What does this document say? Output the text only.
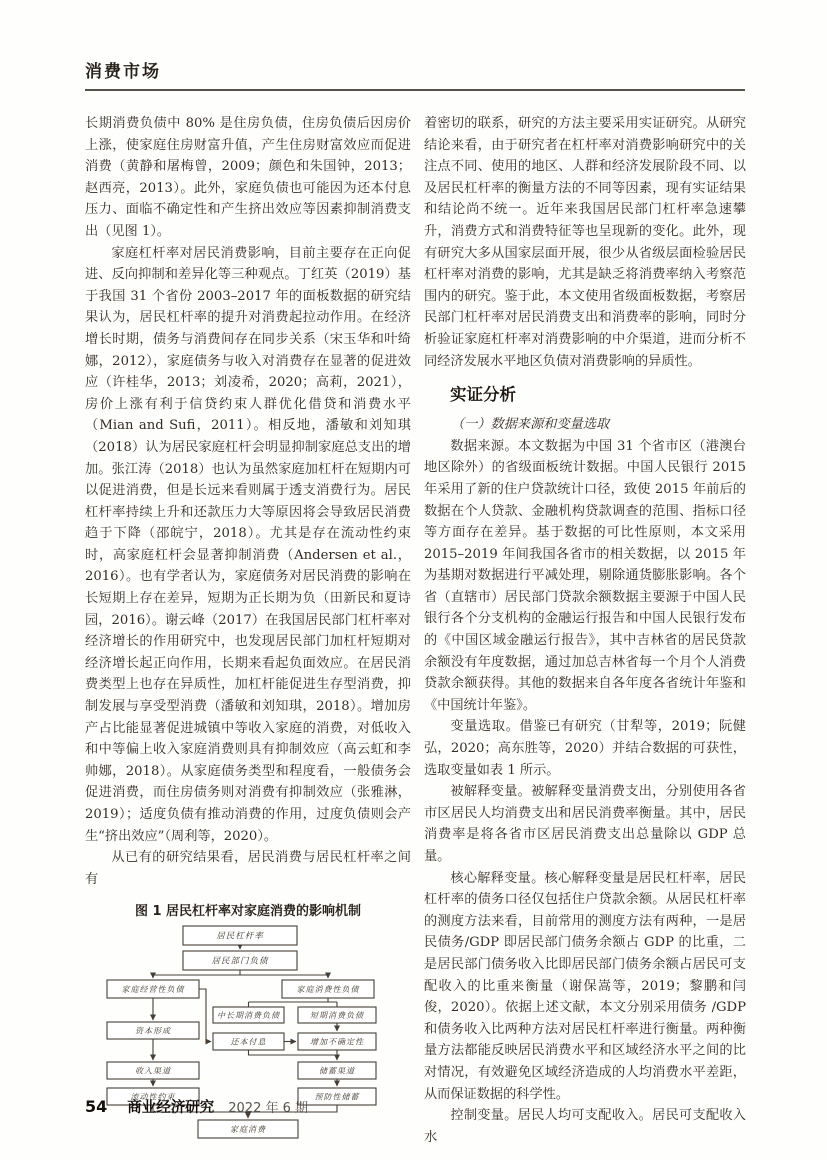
消费市场

长期消费负债中 80% 是住房负债，住房负债后因房价上涨，使家庭住房财富升值，产生住房财富效应而促进消费（黄静和屠梅曾，2009；颜色和朱国钟，2013；赵西亮，2013）。此外，家庭负债也可能因为还本付息压力、面临不确定性和产生挤出效应等因素抑制消费支出（见图 1）。

家庭杠杆率对居民消费影响，目前主要存在正向促进、反向抑制和差异化等三种观点。丁红英（2019）基于我国 31 个省份 2003–2017 年的面板数据的研究结果认为，居民杠杆率的提升对消费起拉动作用。在经济增长时期，债务与消费间存在同步关系（宋玉华和叶绮娜，2012），家庭债务与收入对消费存在显著的促进效应（许桂华，2013；刘凌希，2020；高莉，2021），房价上涨有利于信贷约束人群优化借贷和消费水平（Mian and Sufi，2011）。相反地，潘敏和刘知琪（2018）认为居民家庭杠杆会明显抑制家庭总支出的增加。张江涛（2018）也认为虽然家庭加杠杆在短期内可以促进消费，但是长远来看则属于透支消费行为。居民杠杆率持续上升和还款压力大等原因将会导致居民消费趋于下降（邵皖宁，2018）。尤其是存在流动性约束时，高家庭杠杆会显著抑制消费（Andersen et al.，2016）。也有学者认为，家庭债务对居民消费的影响在长短期上存在差异，短期为正长期为负（田新民和夏诗园，2016）。谢云峰（2017）在我国居民部门杠杆率对经济增长的作用研究中，也发现居民部门加杠杆短期对经济增长起正向作用，长期来看起负面效应。在居民消费类型上也存在异质性，加杠杆能促进生存型消费，抑制发展与享受型消费（潘敏和刘知琪，2018）。增加房产占比能显著促进城镇中等收入家庭的消费，对低收入和中等偏上收入家庭消费则具有抑制效应（高云虹和李帅娜，2018）。从家庭债务类型和程度看，一般债务会促进消费，而住房债务则对消费有抑制效应（张雅淋，2019）；适度负债有推动消费的作用，过度负债则会产生“挤出效应”（周利等，2020）。

从已有的研究结果看，居民消费与居民杠杆率之间有

图 1 居民杠杆率对家庭消费的影响机制
居民杠杆率
居民部门负债
家庭经营性负债	家庭消费性负债
中长期消费负债	短期消费负债
资本形成
还本付息	增加不确定性
收入渠道	储蓄渠道
流动性约束	预防性储蓄
家庭消费

着密切的联系，研究的方法主要采用实证研究。从研究结论来看，由于研究者在杠杆率对消费影响研究中的关注点不同、使用的地区、人群和经济发展阶段不同、以及居民杠杆率的衡量方法的不同等因素，现有实证结果和结论尚不统一。近年来我国居民部门杠杆率急速攀升，消费方式和消费特征等也呈现新的变化。此外，现有研究大多从国家层面开展，很少从省级层面检验居民杠杆率对消费的影响，尤其是缺乏将消费率纳入考察范围内的研究。鉴于此，本文使用省级面板数据，考察居民部门杠杆率对居民消费支出和消费率的影响，同时分析验证家庭杠杆率对消费影响的中介渠道，进而分析不同经济发展水平地区负债对消费影响的异质性。

实证分析
（一）数据来源和变量选取

数据来源。本文数据为中国 31 个省市区（港澳台地区除外）的省级面板统计数据。中国人民银行 2015 年采用了新的住户贷款统计口径，致使 2015 年前后的数据在个人贷款、金融机构贷款调查的范围、指标口径等方面存在差异。基于数据的可比性原则，本文采用 2015–2019 年间我国各省市的相关数据，以 2015 年为基期对数据进行平减处理，剔除通货膨胀影响。各个省（直辖市）居民部门贷款余额数据主要源于中国人民银行各个分支机构的金融运行报告和中国人民银行发布的《中国区域金融运行报告》，其中吉林省的居民贷款余额没有年度数据，通过加总吉林省每一个月个人消费贷款余额获得。其他的数据来自各年度各省统计年鉴和《中国统计年鉴》。

变量选取。借鉴已有研究（甘犁等，2019；阮健弘，2020；高东胜等，2020）并结合数据的可获性，选取变量如表 1 所示。

被解释变量。被解释变量消费支出，分别使用各省市区居民人均消费支出和居民消费率衡量。其中，居民消费率是将各省市区居民消费支出总量除以 GDP 总量。

核心解释变量。核心解释变量是居民杠杆率，居民杠杆率的债务口径仅包括住户贷款余额。从居民杠杆率的测度方法来看，目前常用的测度方法有两种，一是居民债务/GDP 即居民部门债务余额占 GDP 的比重，二是居民部门债务收入比即居民部门债务余额占居民可支配收入的比重来衡量（谢保嵩等，2019；黎鹏和闫俊，2020）。依据上述文献，本文分别采用债务 /GDP 和债务收入比两种方法对居民杠杆率进行衡量。两种衡量方法都能反映居民消费水平和区域经济水平之间的比对情况，有效避免区域经济造成的人均消费水平差距，从而保证数据的科学性。

控制变量。居民人均可支配收入。居民可支配收入水

54 商业经济研究 2022 年 6 期
